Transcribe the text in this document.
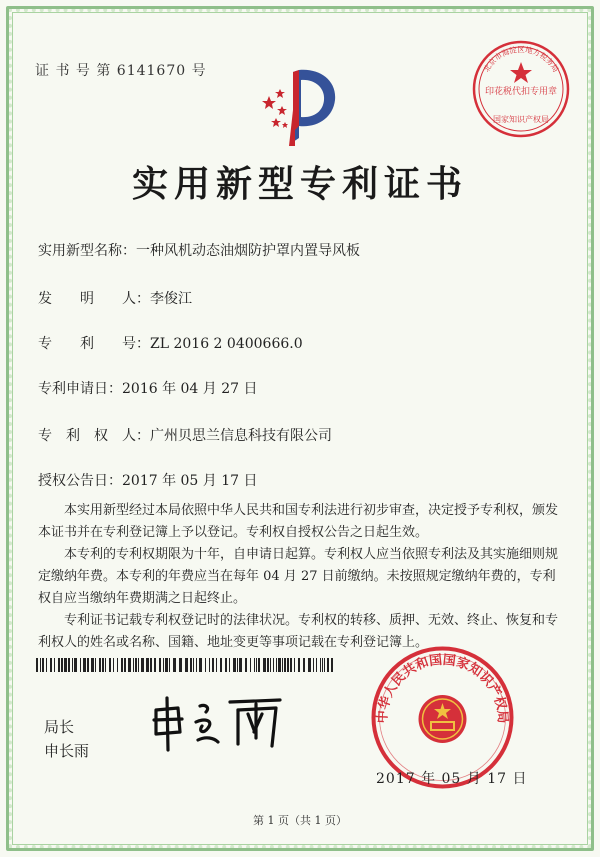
证 书 号 第 6141670 号
印花税代扣专用章
国家知识产权局
北京市海淀区地方税务局
实用新型专利证书
实用新型名称：一种风机动态油烟防护罩内置导风板
发　　明　　人：李俊江
专　　利　　号：ZL 2016 2 0400666.0
专利申请日：2016 年 04 月 27 日
专　利　权　人：广州贝思兰信息科技有限公司
授权公告日：2017 年 05 月 17 日

本实用新型经过本局依照中华人民共和国专利法进行初步审查，决定授予专利权，颁发本证书并在专利登记簿上予以登记。专利权自授权公告之日起生效。

本专利的专利权期限为十年，自申请日起算。专利权人应当依照专利法及其实施细则规定缴纳年费。本专利的年费应当在每年 04 月 27 日前缴纳。未按照规定缴纳年费的，专利权自应当缴纳年费期满之日起终止。

专利证书记载专利权登记时的法律状况。专利权的转移、质押、无效、终止、恢复和专利权人的姓名或名称、国籍、地址变更等事项记载在专利登记簿上。

局长
申长雨
中华人民共和国国家知识产权局
2017 年 05 月 17 日
第 1 页（共 1 页）
